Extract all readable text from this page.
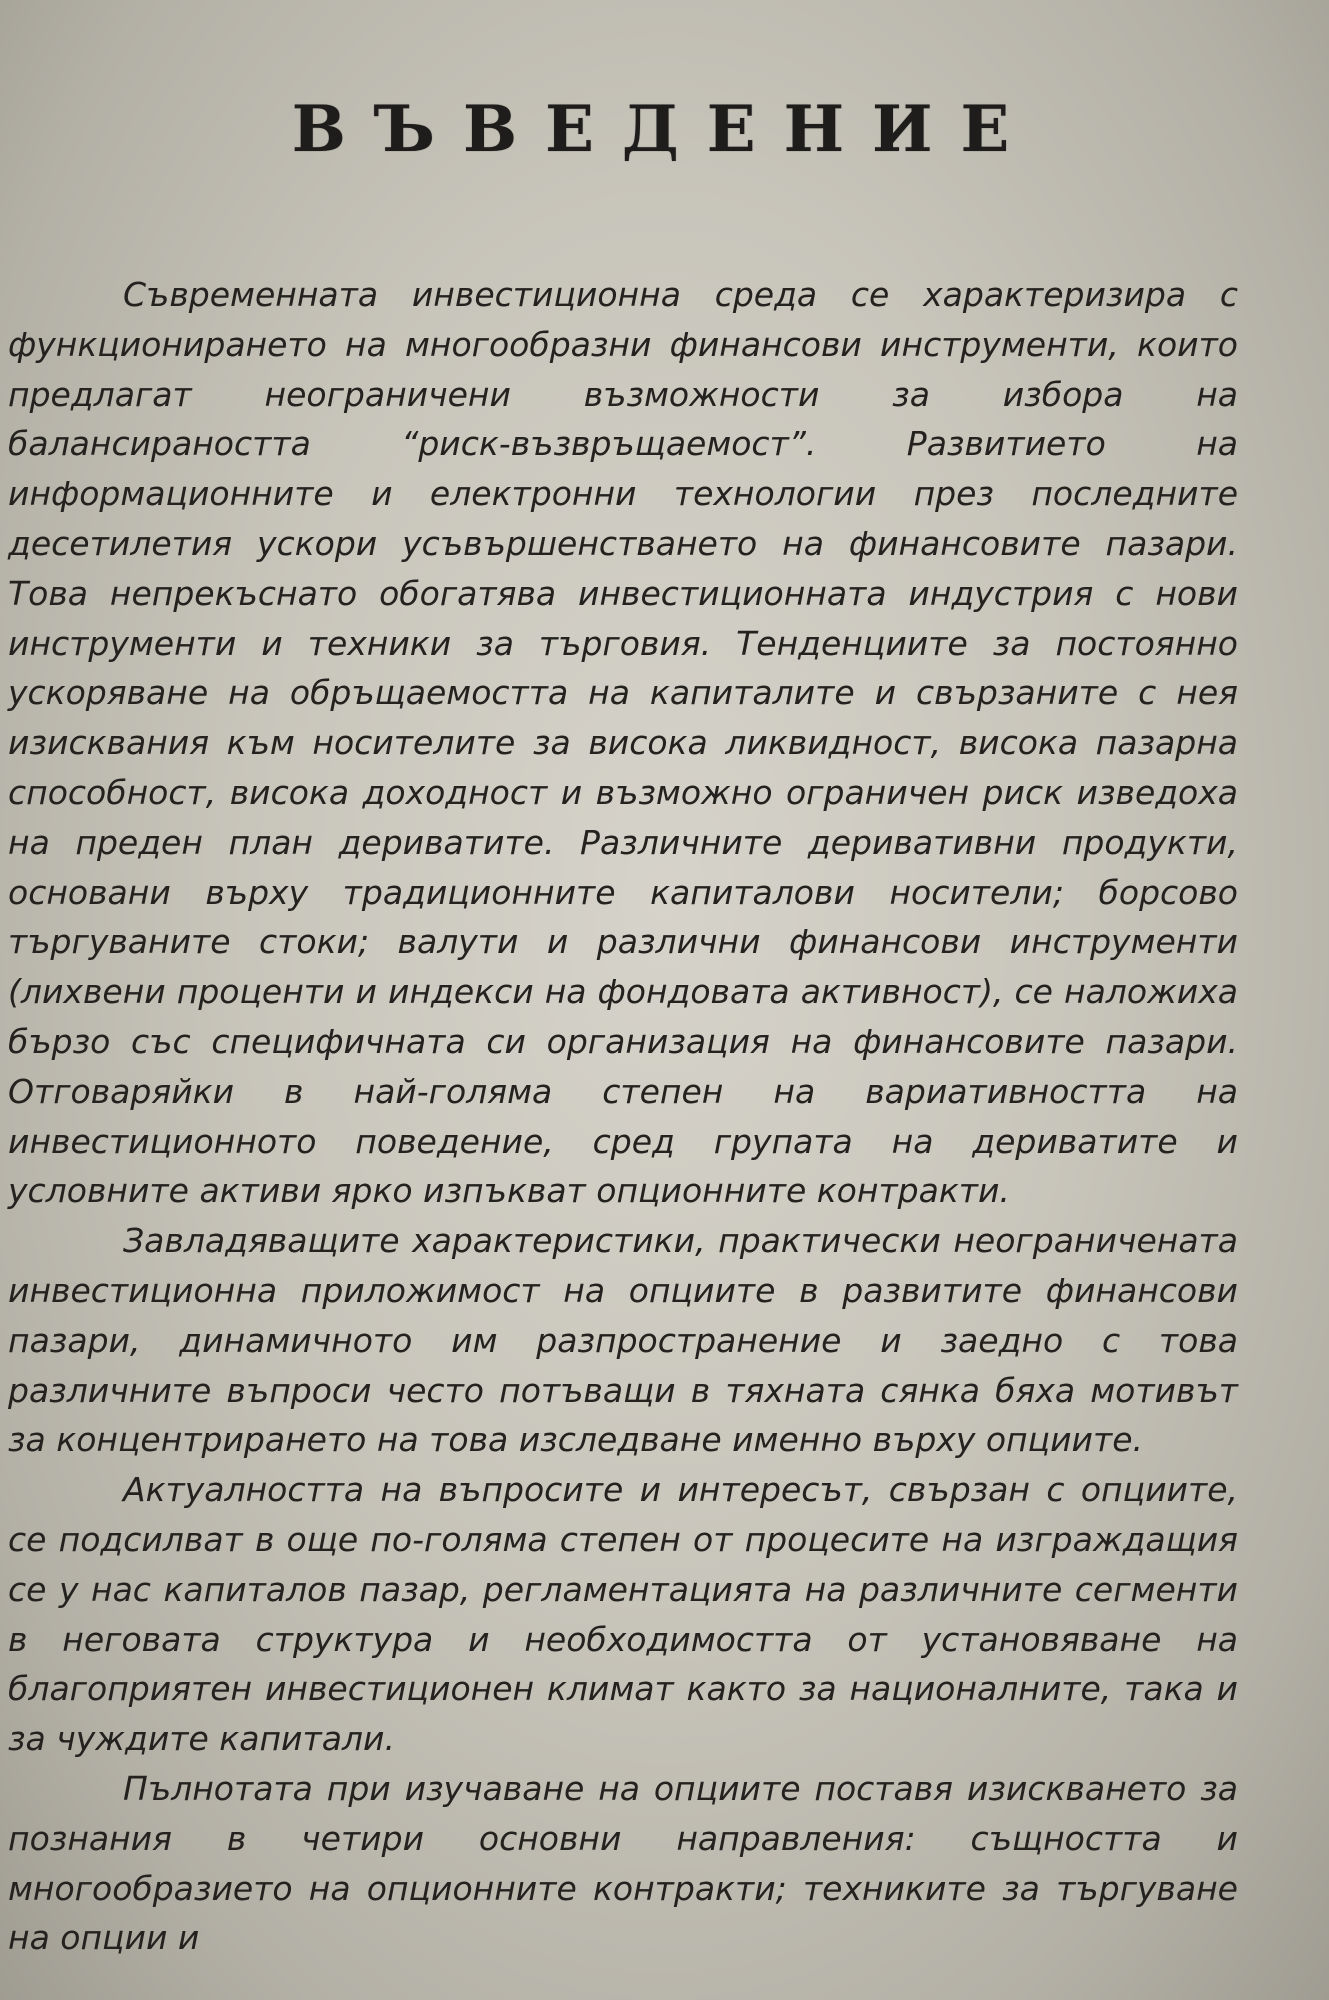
ВЪВЕДЕНИЕ

Съвременната инвестиционна среда се характеризира с функционирането на многообразни финансови инструменти, които предлагат неограничени възможности за избора на балансираността “риск-възвръщаемост”. Развитието на информационните и електронни технологии през последните десетилетия ускори усъвършенстването на финансовите пазари. Това непрекъснато обогатява инвестиционната индустрия с нови инструменти и техники за търговия. Тенденциите за постоянно ускоряване на обръщаемостта на капиталите и свързаните с нея изисквания към носителите за висока ликвидност, висока пазарна способност, висока доходност и възможно ограничен риск изведоха на преден план дериватите. Различните деривативни продукти, основани върху традиционните капиталови носители; борсово търгуваните стоки; валути и различни финансови инструменти (лихвени проценти и индекси на фондовата активност), се наложиха бързо със специфичната си организация на финансовите пазари. Отговаряйки в най-голяма степен на вариативността на инвестиционното поведение, сред групата на дериватите и условните активи ярко изпъкват опционните контракти.

Завладяващите характеристики, практически неограничената инвестиционна приложимост на опциите в развитите финансови пазари, динамичното им разпространение и заедно с това различните въпроси често потъващи в тяхната сянка бяха мотивът за концентрирането на това изследване именно върху опциите.

Актуалността на въпросите и интересът, свързан с опциите, се подсилват в още по-голяма степен от процесите на изграждащия се у нас капиталов пазар, регламентацията на различните сегменти в неговата структура и необходимостта от установяване на благоприятен инвестиционен климат както за националните, така и за чуждите капитали.

Пълнотата при изучаване на опциите поставя изискването за познания в четири основни направления: същността и многообразието на опционните контракти; техниките за търгуване на опции и
